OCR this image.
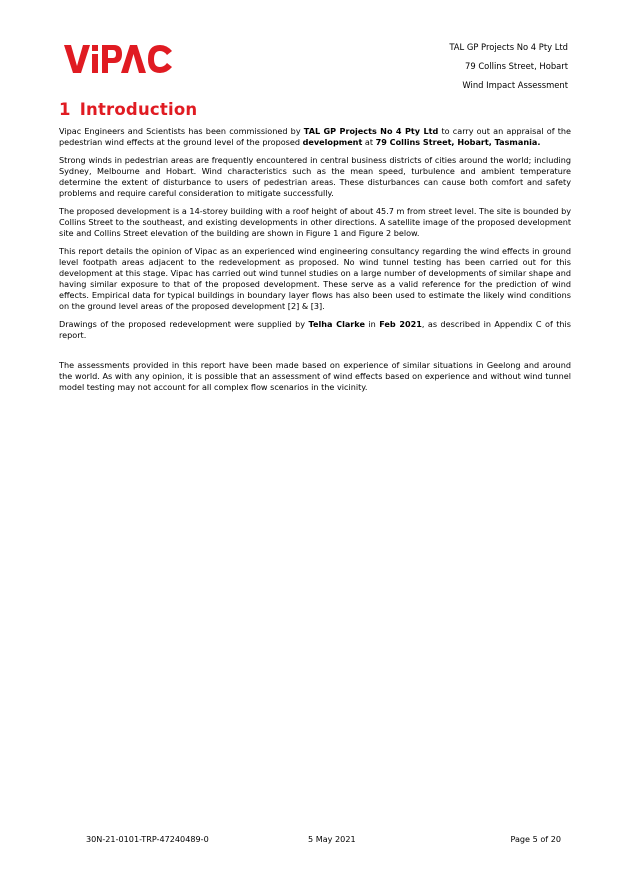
TAL GP Projects No 4 Pty Ltd
79 Collins Street, Hobart
Wind Impact Assessment
1 Introduction

Vipac Engineers and Scientists has been commissioned by TAL GP Projects No 4 Pty Ltd to carry out an appraisal of the pedestrian wind effects at the ground level of the proposed development at 79 Collins Street, Hobart, Tasmania.

Strong winds in pedestrian areas are frequently encountered in central business districts of cities around the world; including Sydney, Melbourne and Hobart. Wind characteristics such as the mean speed, turbulence and ambient temperature determine the extent of disturbance to users of pedestrian areas. These disturbances can cause both comfort and safety problems and require careful consideration to mitigate successfully.

The proposed development is a 14-storey building with a roof height of about 45.7 m from street level. The site is bounded by Collins Street to the southeast, and existing developments in other directions. A satellite image of the proposed development site and Collins Street elevation of the building are shown in Figure 1 and Figure 2 below.

This report details the opinion of Vipac as an experienced wind engineering consultancy regarding the wind effects in ground level footpath areas adjacent to the redevelopment as proposed. No wind tunnel testing has been carried out for this development at this stage. Vipac has carried out wind tunnel studies on a large number of developments of similar shape and having similar exposure to that of the proposed development. These serve as a valid reference for the prediction of wind effects. Empirical data for typical buildings in boundary layer flows has also been used to estimate the likely wind conditions on the ground level areas of the proposed development [2] & [3].

Drawings of the proposed redevelopment were supplied by Telha Clarke in Feb 2021, as described in Appendix C of this report.

The assessments provided in this report have been made based on experience of similar situations in Geelong and around the world. As with any opinion, it is possible that an assessment of wind effects based on experience and without wind tunnel model testing may not account for all complex flow scenarios in the vicinity.

30N-21-0101-TRP-47240489-0	5 May 2021	Page 5 of 20
